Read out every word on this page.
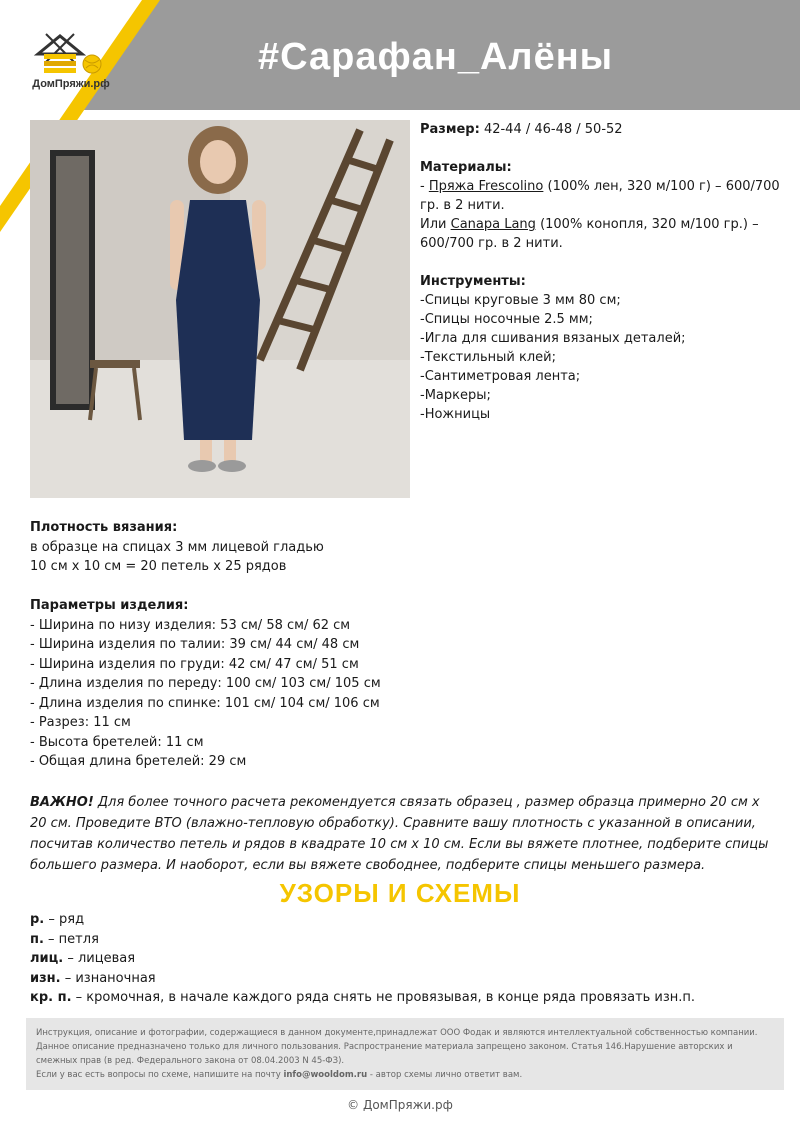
ДомПряжи.рф
#Сарафан_Алёны

Размер: 42-44 / 46-48 / 50-52

Материалы:

- Пряжа Frescolino (100% лен, 320 м/100 г) – 600/700 гр. в 2 нити.

Или Canapa Lang (100% конопля, 320 м/100 гр.) – 600/700 гр. в 2 нити.

Инструменты:

-Спицы круговые 3 мм 80 см;

-Спицы носочные 2.5 мм;

-Игла для сшивания вязаных деталей;

-Текстильный клей;

-Сантиметровая лента;

-Маркеры;

-Ножницы

Плотность вязания:

в образце на спицах 3 мм лицевой гладью

10 см х 10 см = 20 петель х 25 рядов

Параметры изделия:

- Ширина по низу изделия: 53 см/ 58 см/ 62 см

- Ширина изделия по талии: 39 см/ 44 см/ 48 см

- Ширина изделия по груди: 42 см/ 47 см/ 51 см

- Длина изделия по переду: 100 см/ 103 см/ 105 см

- Длина изделия по спинке: 101 см/ 104 см/ 106 см

- Разрез: 11 см

- Высота бретелей: 11 см

- Общая длина бретелей: 29 см

ВАЖНО! Для более точного расчета рекомендуется связать образец , размер образца примерно 20 см х 20 см. Проведите ВТО (влажно-тепловую обработку). Сравните вашу плотность с указанной в описании, посчитав количество петель и рядов в квадрате 10 см х 10 см. Если вы вяжете плотнее, подберите спицы большего размера. И наоборот, если вы вяжете свободнее, подберите спицы меньшего размера.
УЗОРЫ И СХЕМЫ

р. – ряд

п. – петля

лиц. – лицевая

изн. – изнаночная

кр. п. – кромочная, в начале каждого ряда снять не провязывая, в конце ряда провязать изн.п.

Инструкция, описание и фотографии, содержащиеся в данном документе,принадлежат ООО Фодак и являются интеллектуальной собственностью компании.

Данное описание предназначено только для личного пользования. Распространение материала запрещено законом. Статья 146.Нарушение авторских и смежных прав (в ред. Федерального закона от 08.04.2003 N 45-ФЗ).

Если у вас есть вопросы по схеме, напишите на почту info@wooldom.ru - автор схемы лично ответит вам.

© ДомПряжи.рф
